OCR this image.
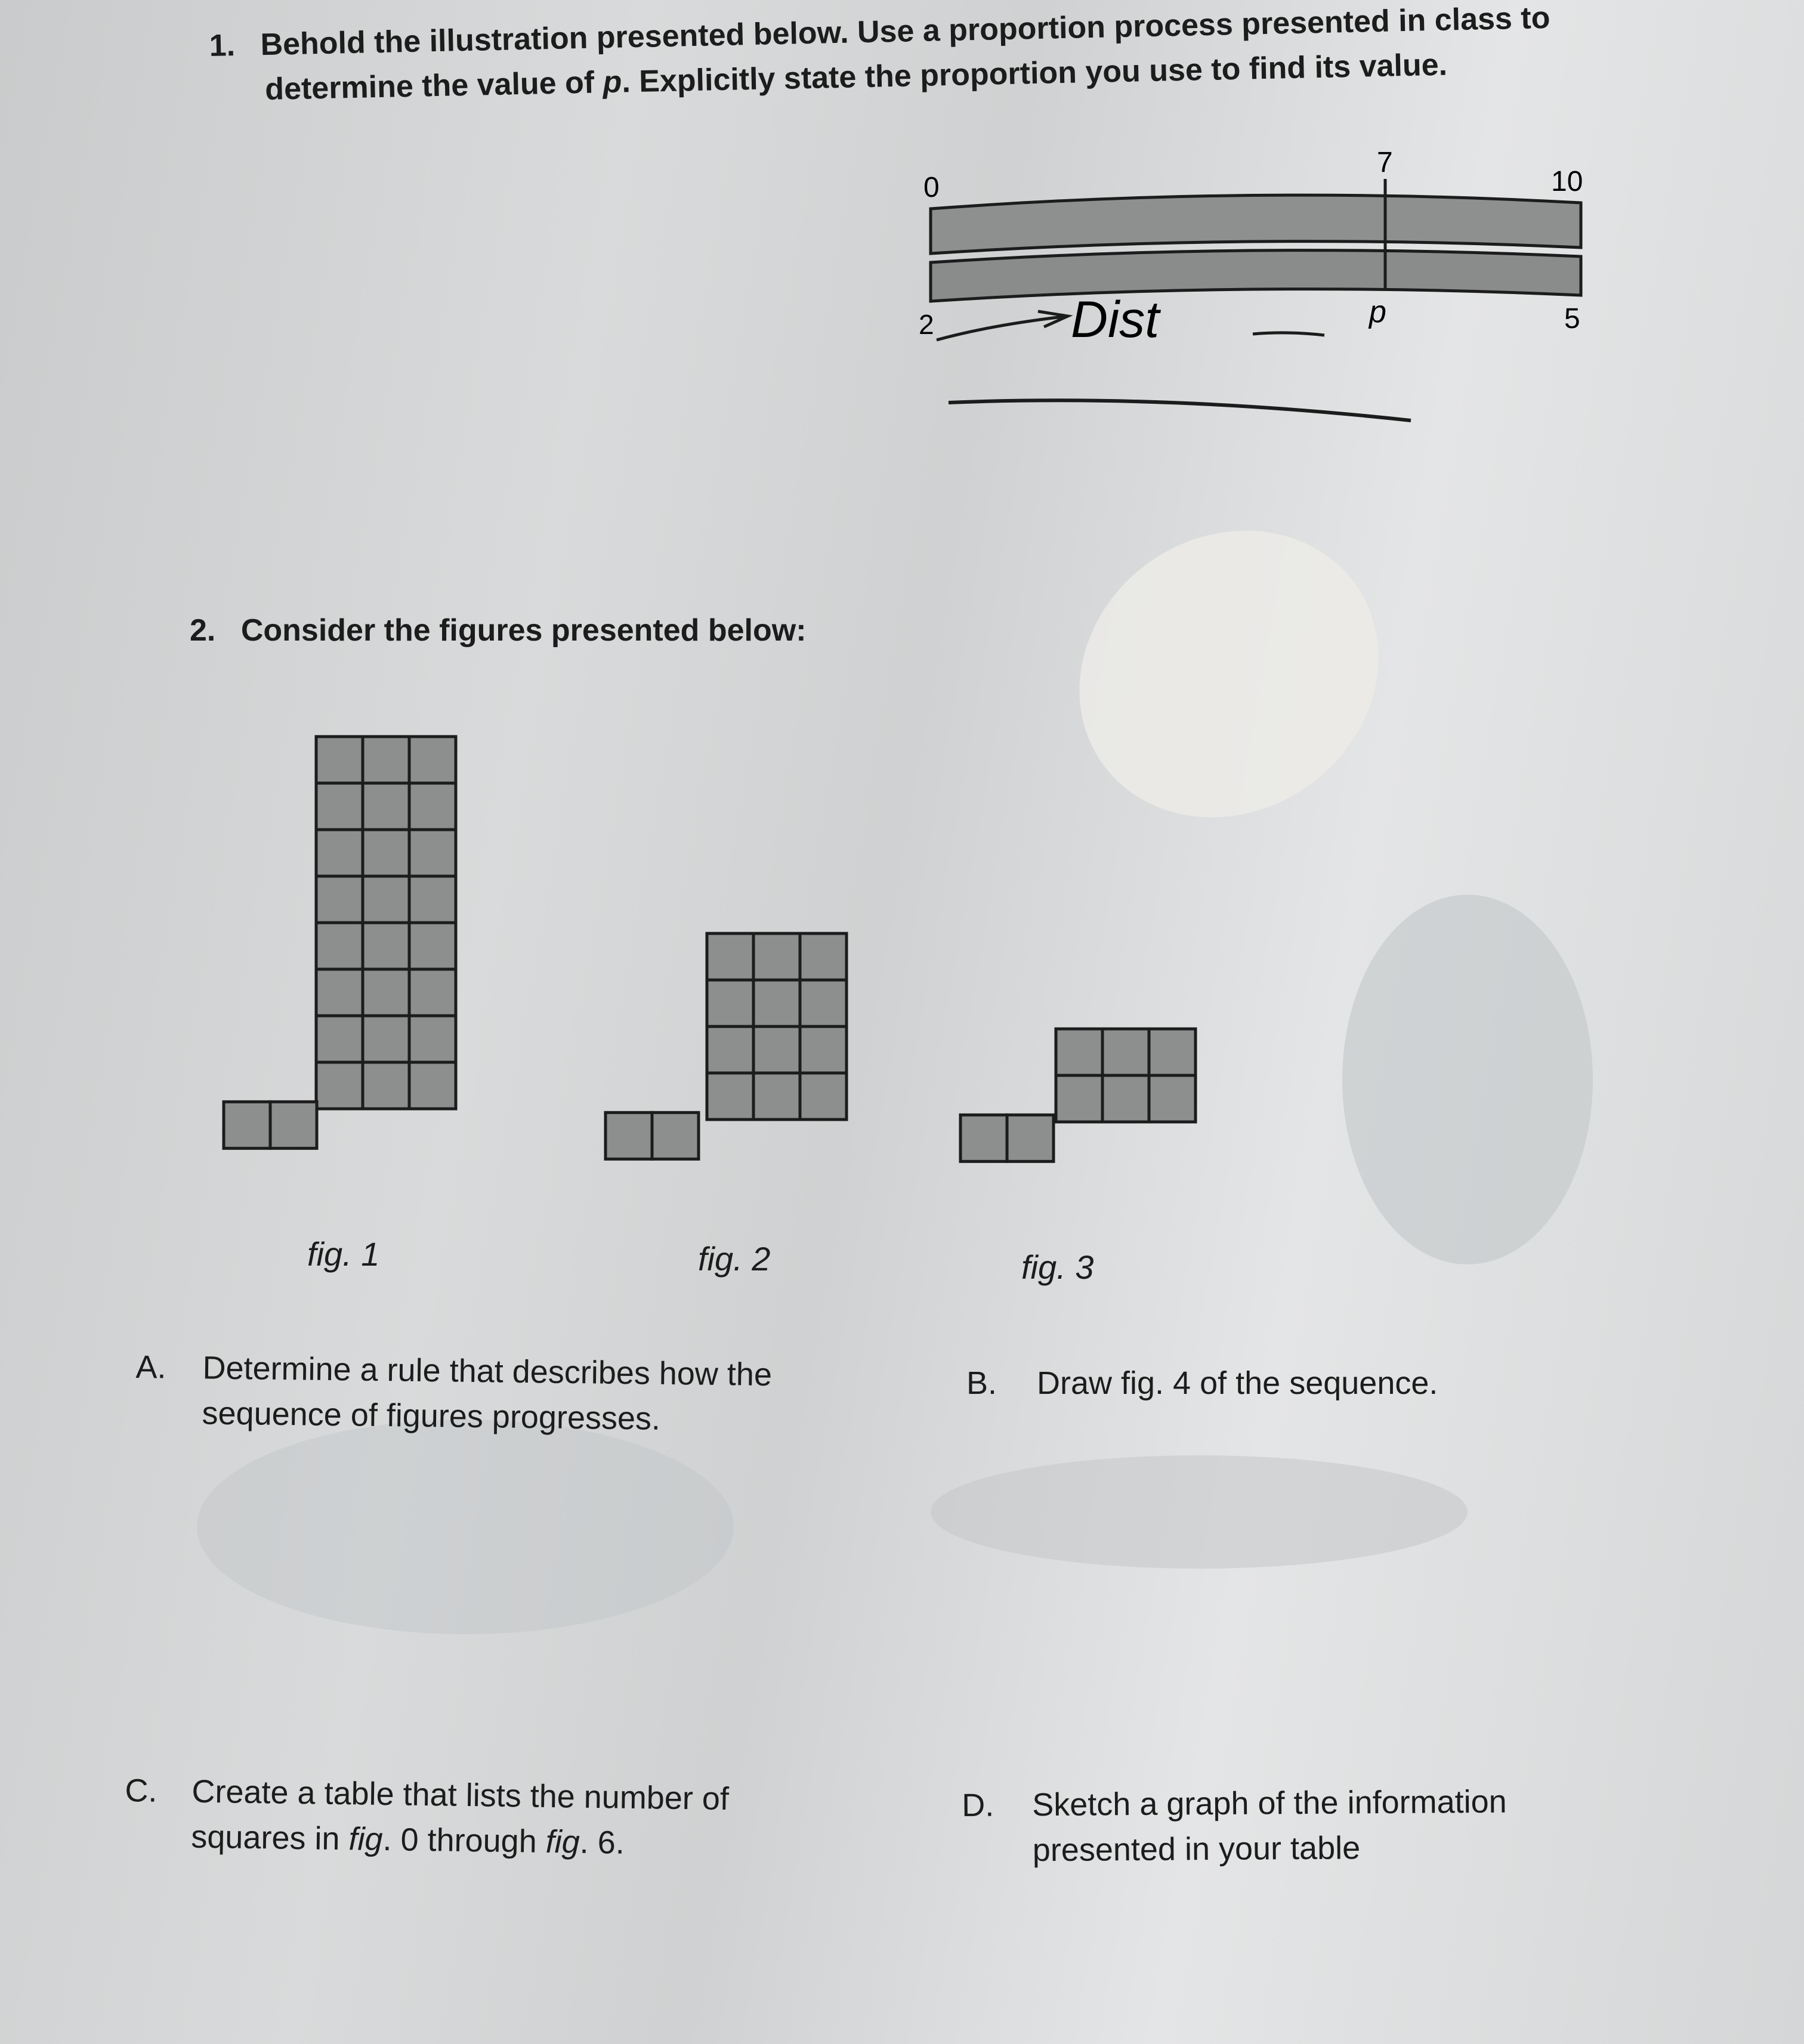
1. Behold the illustration presented below. Use a proportion process presented in class to
determine the value of p. Explicitly state the proportion you use to find its value.
0
7
10
2	p	5
Dist
2. Consider the figures presented below:
fig. 1	fig. 2	fig. 3
A. Determine a rule that describes how the
sequence of figures progresses.
B. Draw fig. 4 of the sequence.
C. Create a table that lists the number of
squares in fig. 0 through fig. 6.
D. Sketch a graph of the information
presented in your table
